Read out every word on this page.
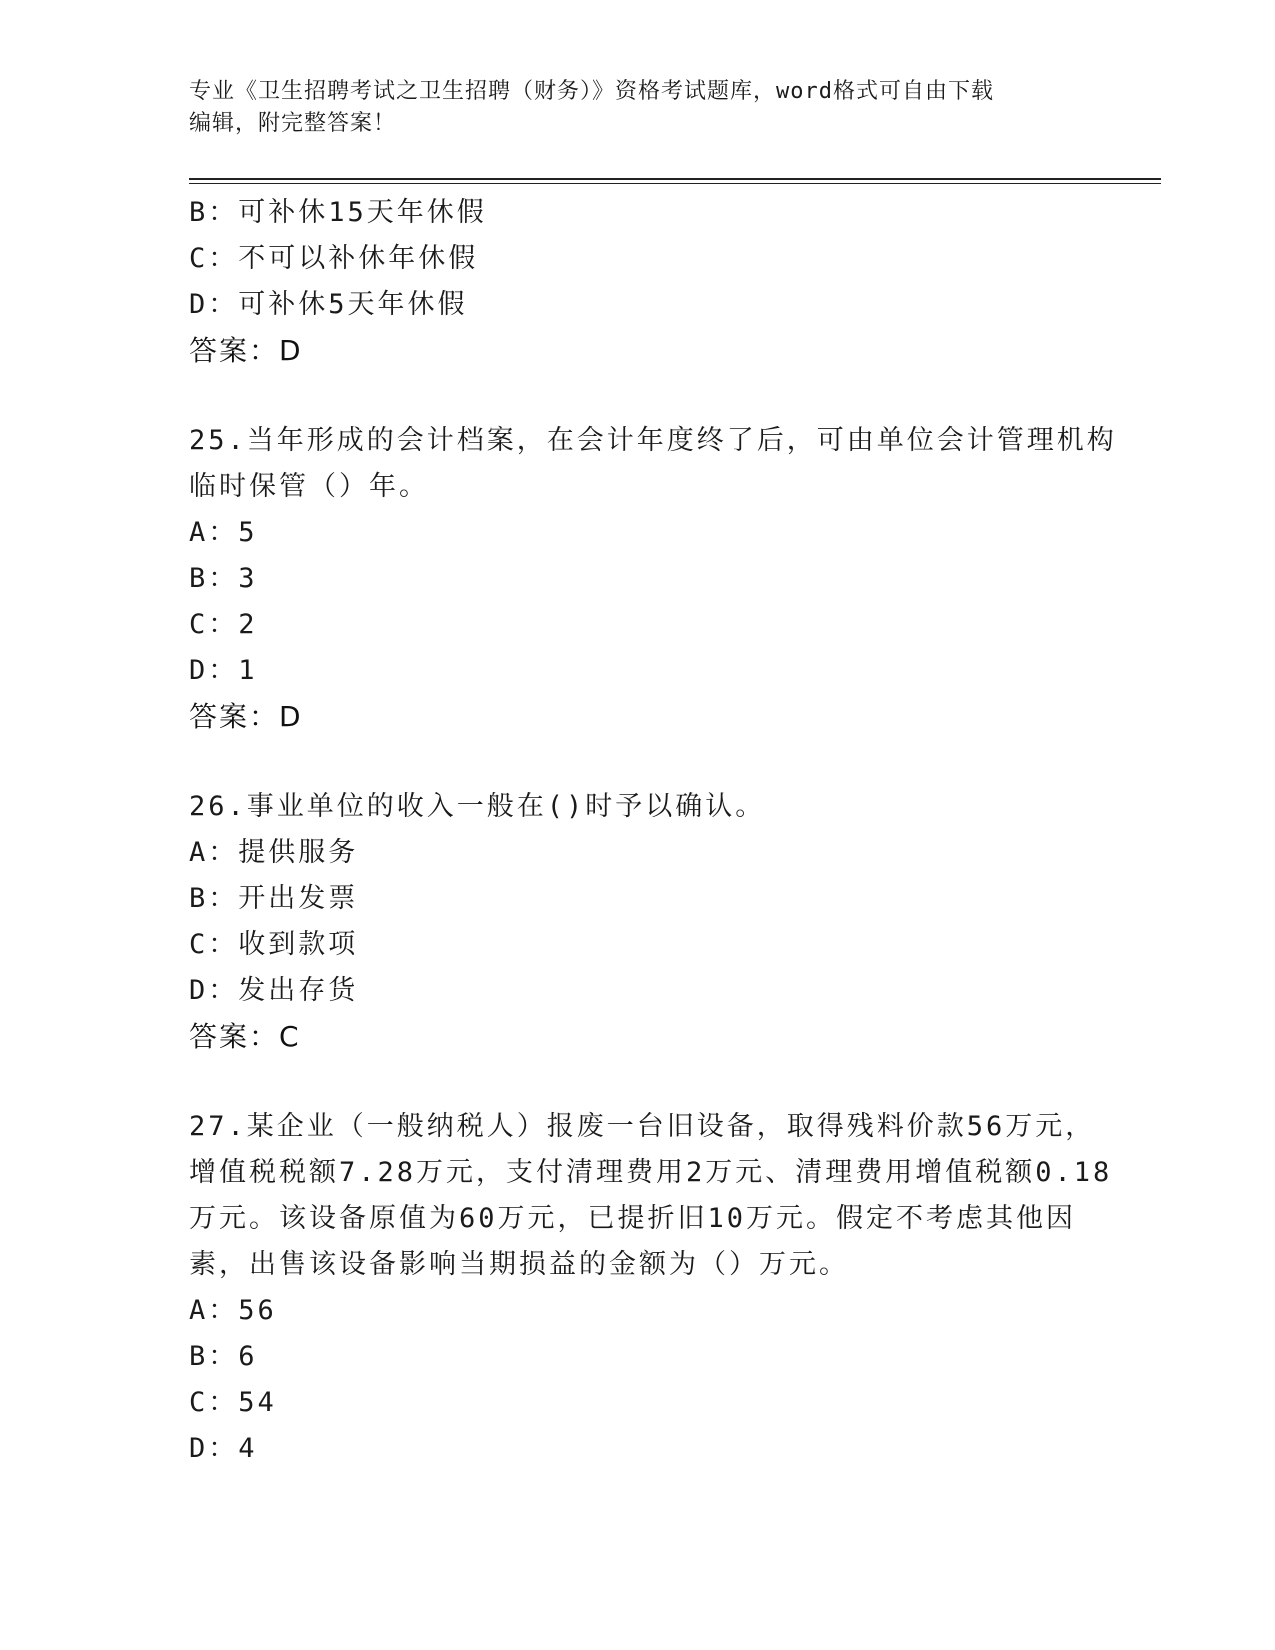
专业《卫生招聘考试之卫生招聘（财务）》资格考试题库，word格式可自由下载
编辑，附完整答案！
B：可补休15天年休假
C：不可以补休年休假
D：可补休5天年休假
答案：D
25.当年形成的会计档案，在会计年度终了后，可由单位会计管理机构
临时保管（）年。
A：5
B：3
C：2
D：1
答案：D
26.事业单位的收入一般在()时予以确认。
A：提供服务
B：开出发票
C：收到款项
D：发出存货
答案：C
27.某企业（一般纳税人）报废一台旧设备，取得残料价款56万元，
增值税税额7.28万元，支付清理费用2万元、清理费用增值税额0.18
万元。该设备原值为60万元，已提折旧10万元。假定不考虑其他因
素，出售该设备影响当期损益的金额为（）万元。
A：56
B：6
C：54
D：4
